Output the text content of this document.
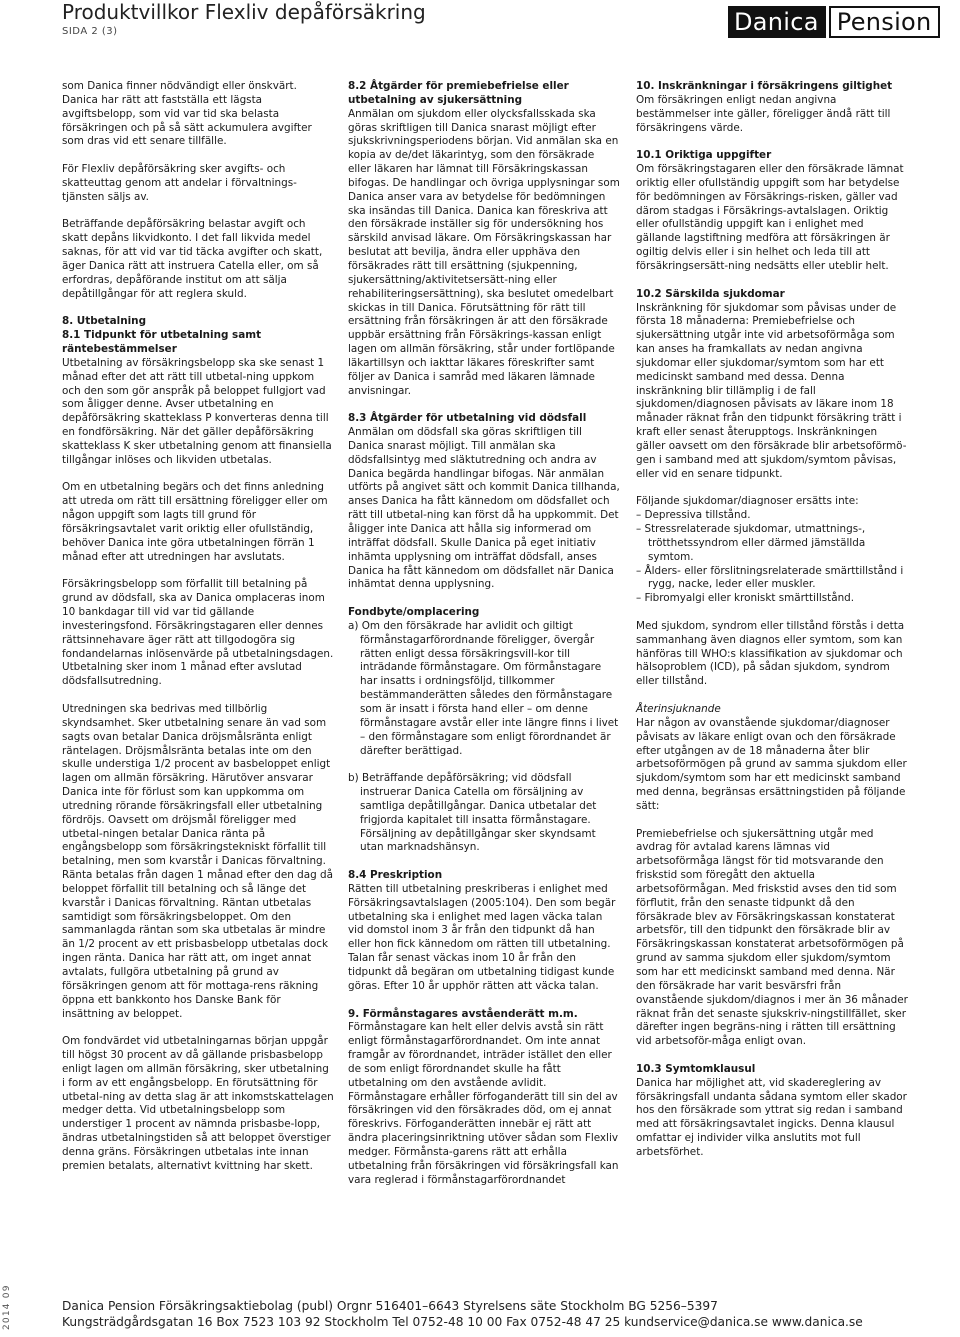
Produktvillkor Flexliv depåförsäkring
SIDA 2 (3)	Danica Pension

som Danica finner nödvändigt eller önskvärt. Danica har rätt att fastställa ett lägsta avgiftsbelopp, som vid var tid ska belasta försäkringen och på så sätt ackumulera avgifter som dras vid ett senare tillfälle.

För Flexliv depåförsäkring sker avgifts- och skatteuttag genom att andelar i förvaltnings-tjänsten säljs av.

Beträffande depåförsäkring belastar avgift och skatt depåns likvidkonto. I det fall likvida medel saknas, för att vid var tid täcka avgifter och skatt, äger Danica rätt att instruera Catella eller, om så erfordras, depåförande institut om att sälja depåtillgångar för att reglera skuld.

8. Utbetalning
8.1 Tidpunkt för utbetalning samt räntebestämmelser

Utbetalning av försäkringsbelopp ska ske senast 1 månad efter det att rätt till utbetal-ning uppkom och den som gör anspråk på beloppet fullgjort vad som åligger denne. Avser utbetalning en depåförsäkring skatteklass P konverteras denna till en fondförsäkring. När det gäller depåförsäkring skatteklass K sker utbetalning genom att finansiella tillgångar inlöses och likviden utbetalas.

Om en utbetalning begärs och det finns anledning att utreda om rätt till ersättning föreligger eller om någon uppgift som lagts till grund för försäkringsavtalet varit oriktig eller ofullständig, behöver Danica inte göra utbetalningen förrän 1 månad efter att utredningen har avslutats.

Försäkringsbelopp som förfallit till betalning på grund av dödsfall, ska av Danica omplaceras inom 10 bankdagar till vid var tid gällande investeringsfond. Försäkringstagaren eller dennes rättsinnehavare äger rätt att tillgodogöra sig fondandelarnas inlösenvärde på utbetalningsdagen. Utbetalning sker inom 1 månad efter avslutad dödsfallsutredning.

Utredningen ska bedrivas med tillbörlig skyndsamhet. Sker utbetalning senare än vad som sagts ovan betalar Danica dröjsmålsränta enligt räntelagen. Dröjsmålsränta betalas inte om den skulle understiga 1/2 procent av basbeloppet enligt lagen om allmän försäkring. Härutöver ansvarar Danica inte för förlust som kan uppkomma om utredning rörande försäkringsfall eller utbetalning fördröjs. Oavsett om dröjsmål föreligger med utbetal-ningen betalar Danica ränta på engångsbelopp som försäkringstekniskt förfallit till betalning, men som kvarstår i Danicas förvaltning. Ränta betalas från dagen 1 månad efter den dag då beloppet förfallit till betalning och så länge det kvarstår i Danicas förvaltning. Räntan utbetalas samtidigt som försäkringsbeloppet. Om den sammanlagda räntan som ska utbetalas är mindre än 1/2 procent av ett prisbasbelopp utbetalas dock ingen ränta. Danica har rätt att, om inget annat avtalats, fullgöra utbetalning på grund av försäkringen genom att för mottaga-rens räkning öppna ett bankkonto hos Danske Bank för insättning av beloppet.

Om fondvärdet vid utbetalningarnas början uppgår till högst 30 procent av då gällande prisbasbelopp enligt lagen om allmän försäkring, sker utbetalning i form av ett engångsbelopp. En förutsättning för utbetal-ning av detta slag är att inkomstskattelagen medger detta. Vid utbetalningsbelopp som understiger 1 procent av nämnda prisbasbe-lopp, ändras utbetalningstiden så att beloppet överstiger denna gräns. Försäkringen utbetalas inte innan premien betalats, alternativt kvittning har skett.

8.2 Åtgärder för premiebefrielse eller utbetalning av sjukersättning

Anmälan om sjukdom eller olycksfallsskada ska göras skriftligen till Danica snarast möjligt efter sjukskrivningsperiodens början. Vid anmälan ska en kopia av de/det läkarintyg, som den försäkrade eller läkaren har lämnat till Försäkringskassan bifogas. De handlingar och övriga upplysningar som Danica anser vara av betydelse för bedömningen ska insändas till Danica. Danica kan föreskriva att den försäkrade inställer sig för undersökning hos särskild anvisad läkare. Om Försäkringskassan har beslutat att bevilja, ändra eller upphäva den försäkrades rätt till ersättning (sjukpenning, sjukersättning/aktivitetsersätt-ning eller rehabiliteringsersättning), ska beslutet omedelbart skickas in till Danica. Förutsättning för rätt till ersättning från försäkringen är att den försäkrade uppbär ersättning från Försäkrings-kassan enligt lagen om allmän försäkring, står under fortlöpande läkartillsyn och iakttar läkares föreskrifter samt följer av Danica i samråd med läkaren lämnade anvisningar.

8.3 Åtgärder för utbetalning vid dödsfall

Anmälan om dödsfall ska göras skriftligen till Danica snarast möjligt. Till anmälan ska dödsfallsintyg med släktutredning och andra av Danica begärda handlingar bifogas. När anmälan utförts på angivet sätt och kommit Danica tillhanda, anses Danica ha fått kännedom om dödsfallet och rätt till utbetal-ning kan först då ha uppkommit. Det åligger inte Danica att hålla sig informerad om inträffat dödsfall. Skulle Danica på eget initiativ inhämta upplysning om inträffat dödsfall, anses Danica ha fått kännedom om dödsfallet när Danica inhämtat denna upplysning.

Fondbyte/omplacering
a) Om den försäkrade har avlidit och giltigt förmånstagarförordnande föreligger, övergår rätten enligt dessa försäkringsvill-kor till inträdande förmånstagare. Om förmånstagare har insatts i ordningsföljd, tillkommer bestämmanderätten således den förmånstagare som är insatt i första hand eller – om denne förmånstagare avstår eller inte längre finns i livet – den förmånstagare som enligt förordnandet är därefter berättigad.
b) Beträffande depåförsäkring; vid dödsfall instruerar Danica Catella om försäljning av samtliga depåtillgångar. Danica utbetalar det frigjorda kapitalet till insatta förmånstagare. Försäljning av depåtillgångar sker skyndsamt utan marknadshänsyn.
8.4 Preskription

Rätten till utbetalning preskriberas i enlighet med Försäkringsavtalslagen (2005:104). Den som begär utbetalning ska i enlighet med lagen väcka talan vid domstol inom 3 år från den tidpunkt då han eller hon fick kännedom om rätten till utbetalning. Talan får senast väckas inom 10 år från den tidpunkt då begäran om utbetalning tidigast kunde göras. Efter 10 år upphör rätten att väcka talan.

9. Förmånstagares avståenderätt m.m.

Förmånstagare kan helt eller delvis avstå sin rätt enligt förmånstagarförordnandet. Om inte annat framgår av förordnandet, inträder istället den eller de som enligt förordnandet skulle ha fått utbetalning om den avstående avlidit. Förmånstagare erhåller förfoganderätt till sin del av försäkringen vid den försäkrades död, om ej annat föreskrivs. Förfoganderätten innebär ej rätt att ändra placeringsinriktning utöver sådan som Flexliv medger. Förmånsta-garens rätt att erhålla utbetalning från försäkringen vid försäkringsfall kan vara reglerad i förmånstagarförordnandet

10. Inskränkningar i försäkringens giltighet

Om försäkringen enligt nedan angivna bestämmelser inte gäller, föreligger ändå rätt till försäkringens värde.

10.1 Oriktiga uppgifter

Om försäkringstagaren eller den försäkrade lämnat oriktig eller ofullständig uppgift som har betydelse för bedömningen av Försäkrings-risken, gäller vad därom stadgas i Försäkrings-avtalslagen. Oriktig eller ofullständig uppgift kan i enlighet med gällande lagstiftning medföra att försäkringen är ogiltig delvis eller i sin helhet och leda till att försäkringsersätt-ning nedsätts eller uteblir helt.

10.2 Särskilda sjukdomar

Inskränkning för sjukdomar som påvisas under de första 18 månaderna: Premiebefrielse och sjukersättning utgår inte vid arbetsoförmåga som kan anses ha framkallats av nedan angivna sjukdomar eller sjukdomar/symtom som har ett medicinskt samband med dessa. Denna inskränkning blir tillämplig i de fall sjukdomen/diagnosen påvisats av läkare inom 18 månader räknat från den tidpunkt försäkring trätt i kraft eller senast återupptogs. Inskränkningen gäller oavsett om den försäkrade blir arbetsoförmö-gen i samband med att sjukdom/symtom påvisas, eller vid en senare tidpunkt.

Följande sjukdomar/diagnoser ersätts inte:

– Depressiva tillstånd.
– Stressrelaterade sjukdomar, utmattnings-, trötthetssyndrom eller därmed jämställda symtom.
– Ålders- eller förslitningsrelaterade smärttillstånd i rygg, nacke, leder eller muskler.
– Fibromyalgi eller kroniskt smärttillstånd.

Med sjukdom, syndrom eller tillstånd förstås i detta sammanhang även diagnos eller symtom, som kan hänföras till WHO:s klassifikation av sjukdomar och hälsoproblem (ICD), på sådan sjukdom, syndrom eller tillstånd.

Återinsjuknande

Har någon av ovanstående sjukdomar/diagnoser påvisats av läkare enligt ovan och den försäkrade efter utgången av de 18 månaderna åter blir arbetsoförmögen på grund av samma sjukdom eller sjukdom/symtom som har ett medicinskt samband med denna, begränsas ersättningstiden på följande sätt:

Premiebefrielse och sjukersättning utgår med avdrag för avtalad karens lämnas vid arbetsoförmåga längst för tid motsvarande den friskstid som föregått den aktuella arbetsoförmågan. Med friskstid avses den tid som förflutit, från den senaste tidpunkt då den försäkrade blev av Försäkringskassan konstaterat arbetsför, till den tidpunkt den försäkrade blir av Försäkringskassan konstaterat arbetsoförmögen på grund av samma sjukdom eller sjukdom/symtom som har ett medicinskt samband med denna. När den försäkrade har varit besvärsfri från ovanstående sjukdom/diagnos i mer än 36 månader räknat från det senaste sjukskriv-ningstillfället, sker därefter ingen begräns-ning i rätten till ersättning vid arbetsoför-måga enligt ovan.

10.3 Symtomklausul

Danica har möjlighet att, vid skadereglering av försäkringsfall undanta sådana symtom eller skador hos den försäkrade som yttrat sig redan i samband med att försäkringsavtalet ingicks. Denna klausul omfattar ej individer vilka anslutits mot full arbetsförhet.

2014 09	Danica Pension Försäkringsaktiebolag (publ) Orgnr 516401–6643 Styrelsens säte Stockholm BG 5256–5397
Kungsträdgårdsgatan 16 Box 7523 103 92 Stockholm Tel 0752-48 10 00 Fax 0752-48 47 25 kundservice@danica.se www.danica.se
